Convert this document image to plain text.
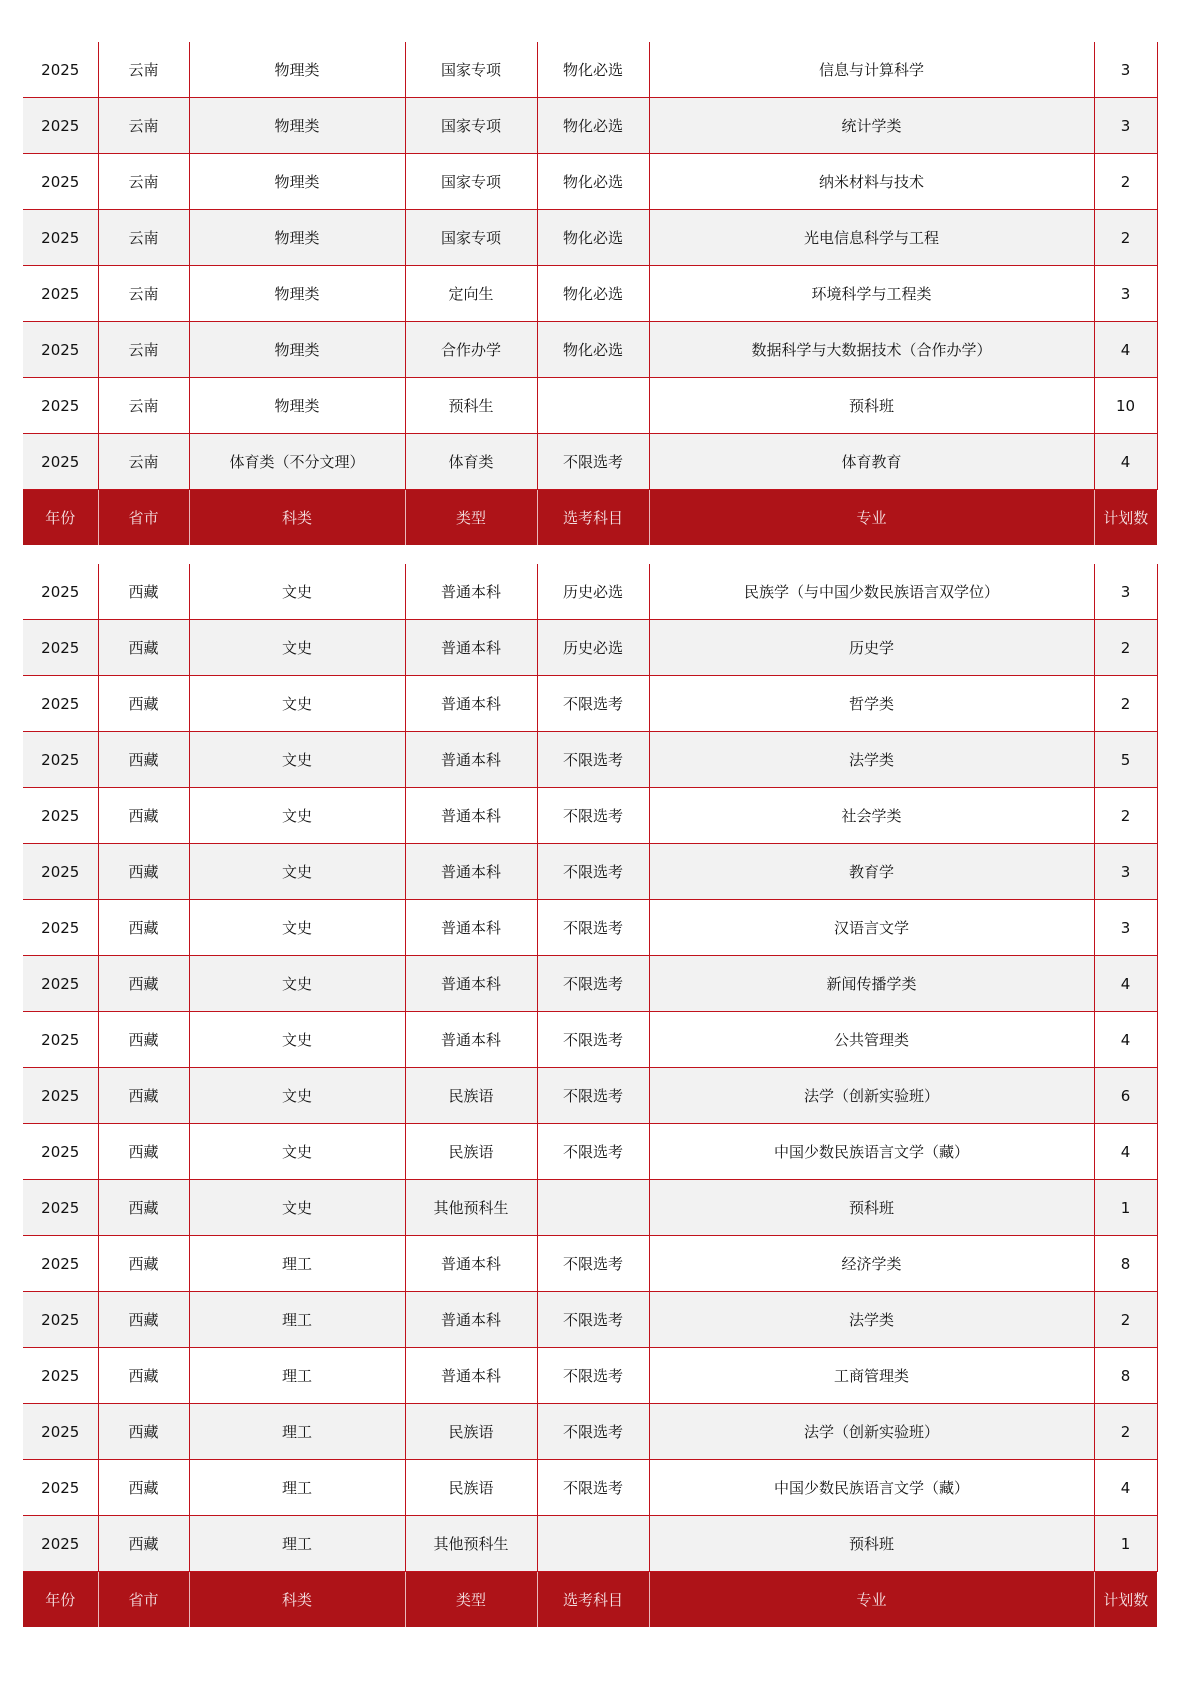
2025	云南	物理类	国家专项	物化必选	信息与计算科学	3
2025	云南	物理类	国家专项	物化必选	统计学类	3
2025	云南	物理类	国家专项	物化必选	纳米材料与技术	2
2025	云南	物理类	国家专项	物化必选	光电信息科学与工程	2
2025	云南	物理类	定向生	物化必选	环境科学与工程类	3
2025	云南	物理类	合作办学	物化必选	数据科学与大数据技术（合作办学）	4
2025	云南	物理类	预科生		预科班	10
2025	云南	体育类（不分文理）	体育类	不限选考	体育教育	4
年份	省市	科类	类型	选考科目	专业	计划数
2025	西藏	文史	普通本科	历史必选	民族学（与中国少数民族语言双学位）	3
2025	西藏	文史	普通本科	历史必选	历史学	2
2025	西藏	文史	普通本科	不限选考	哲学类	2
2025	西藏	文史	普通本科	不限选考	法学类	5
2025	西藏	文史	普通本科	不限选考	社会学类	2
2025	西藏	文史	普通本科	不限选考	教育学	3
2025	西藏	文史	普通本科	不限选考	汉语言文学	3
2025	西藏	文史	普通本科	不限选考	新闻传播学类	4
2025	西藏	文史	普通本科	不限选考	公共管理类	4
2025	西藏	文史	民族语	不限选考	法学（创新实验班）	6
2025	西藏	文史	民族语	不限选考	中国少数民族语言文学（藏）	4
2025	西藏	文史	其他预科生		预科班	1
2025	西藏	理工	普通本科	不限选考	经济学类	8
2025	西藏	理工	普通本科	不限选考	法学类	2
2025	西藏	理工	普通本科	不限选考	工商管理类	8
2025	西藏	理工	民族语	不限选考	法学（创新实验班）	2
2025	西藏	理工	民族语	不限选考	中国少数民族语言文学（藏）	4
2025	西藏	理工	其他预科生		预科班	1
年份	省市	科类	类型	选考科目	专业	计划数
